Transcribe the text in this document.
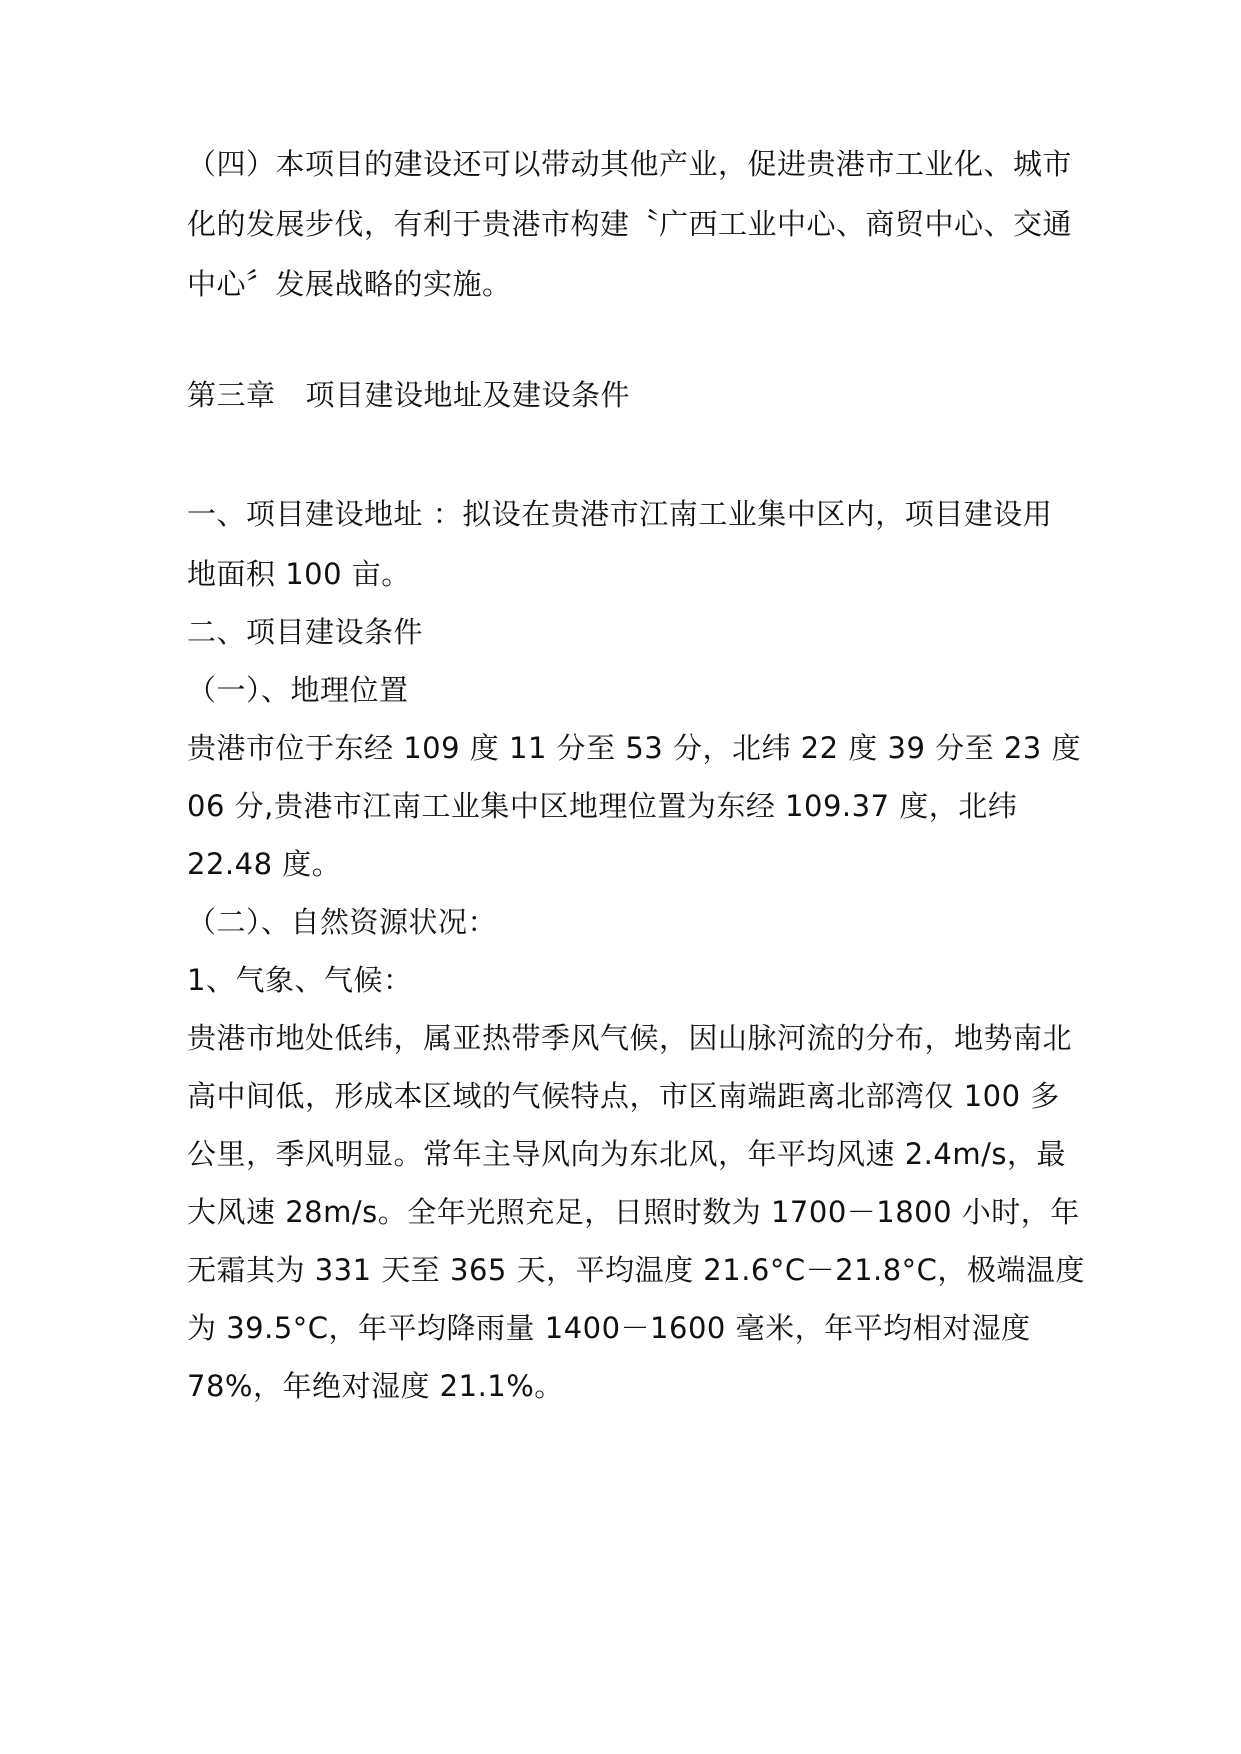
（四）本项目的建设还可以带动其他产业，促进贵港市工业化、城市
化的发展步伐，有利于贵港市构建〝广西工业中心、商贸中心、交通
中心〞发展战略的实施。
第三章 项目建设地址及建设条件
一、项目建设地址 ：拟设在贵港市江南工业集中区内，项目建设用
地面积 100 亩。
二、项目建设条件
（一）、地理位置
贵港市位于东经 109 度 11 分至 53 分，北纬 22 度 39 分至 23 度
06 分,贵港市江南工业集中区地理位置为东经 109.37 度，北纬
22.48 度。
（二）、自然资源状况：
1、气象、气候：
贵港市地处低纬，属亚热带季风气候，因山脉河流的分布，地势南北
高中间低，形成本区域的气候特点，市区南端距离北部湾仅 100 多
公里，季风明显。常年主导风向为东北风，年平均风速 2.4m/s，最
大风速 28m/s。全年光照充足，日照时数为 1700－1800 小时，年
无霜其为 331 天至 365 天，平均温度 21.6°C－21.8°C，极端温度
为 39.5°C，年平均降雨量 1400－1600 毫米，年平均相对湿度
78%，年绝对湿度 21.1%。
